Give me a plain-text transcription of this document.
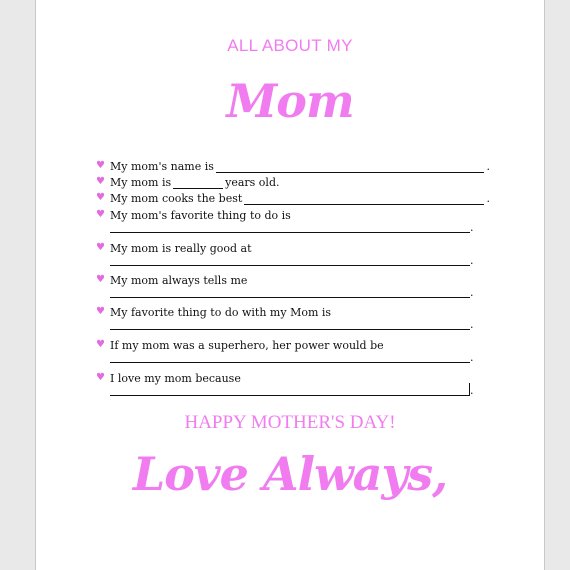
ALL ABOUT MY
Mom
♥ My mom's name is	.
♥ My mom is	years old.
♥ My mom cooks the best	.
♥ My mom's favorite thing to do is
.
♥ My mom is really good at
.
♥ My mom always tells me
.
♥ My favorite thing to do with my Mom is
.
♥ If my mom was a superhero, her power would be
.
♥ I love my mom because
.
HAPPY MOTHER'S DAY!
Love Always,
